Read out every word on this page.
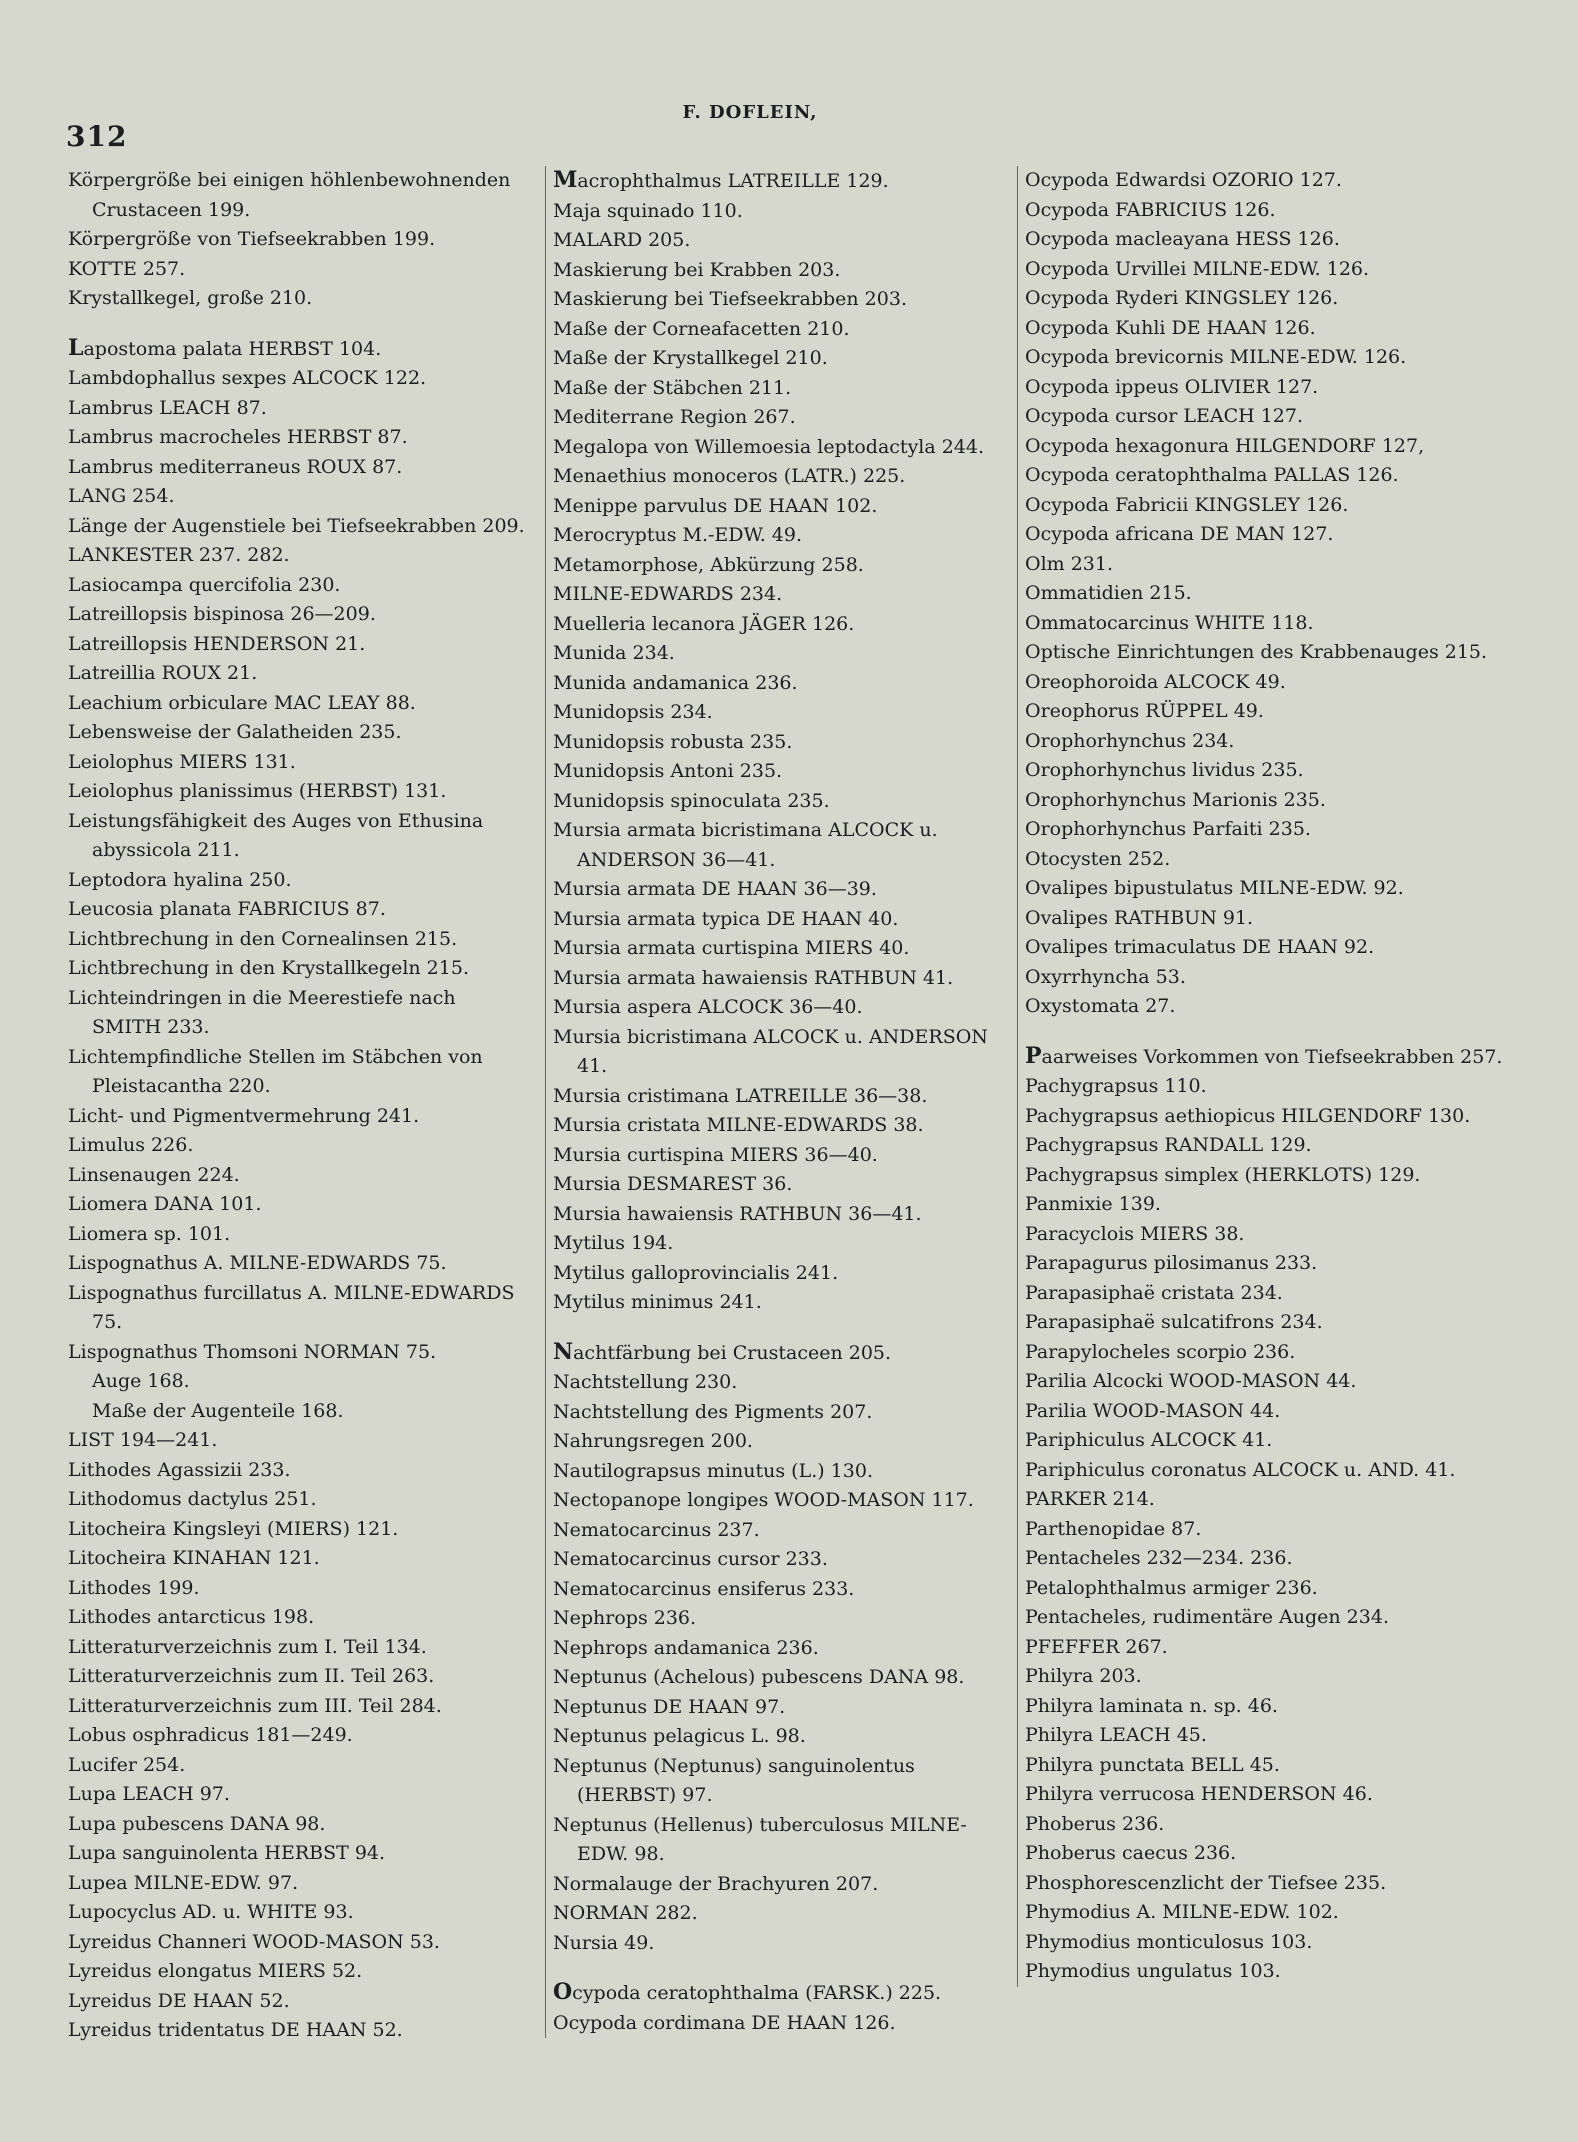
312
F. DOFLEIN,
Körpergröße bei einigen höhlenbewohnenden Crustaceen 199.
Körpergröße von Tiefseekrabben 199.
KOTTE 257.
Krystallkegel, große 210.
Lapostoma palata HERBST 104.
Lambdophallus sexpes ALCOCK 122.
Lambrus LEACH 87.
Lambrus macrocheles HERBST 87.
Lambrus mediterraneus ROUX 87.
LANG 254.
Länge der Augenstiele bei Tiefseekrabben 209.
LANKESTER 237. 282.
Lasiocampa quercifolia 230.
Latreillopsis bispinosa 26—209.
Latreillopsis HENDERSON 21.
Latreillia ROUX 21.
Leachium orbiculare MAC LEAY 88.
Lebensweise der Galatheiden 235.
Leiolophus MIERS 131.
Leiolophus planissimus (HERBST) 131.
Leistungsfähigkeit des Auges von Ethusina abyssicola 211.
Leptodora hyalina 250.
Leucosia planata FABRICIUS 87.
Lichtbrechung in den Cornealinsen 215.
Lichtbrechung in den Krystallkegeln 215.
Lichteindringen in die Meerestiefe nach SMITH 233.
Lichtempfindliche Stellen im Stäbchen von Pleistacantha 220.
Licht- und Pigmentvermehrung 241.
Limulus 226.
Linsenaugen 224.
Liomera DANA 101.
Liomera sp. 101.
Lispognathus A. MILNE-EDWARDS 75.
Lispognathus furcillatus A. MILNE-EDWARDS 75.
Lispognathus Thomsoni NORMAN 75.
Auge 168.
Maße der Augenteile 168.
LIST 194—241.
Lithodes Agassizii 233.
Lithodomus dactylus 251.
Litocheira Kingsleyi (MIERS) 121.
Litocheira KINAHAN 121.
Lithodes 199.
Lithodes antarcticus 198.
Litteraturverzeichnis zum I. Teil 134.
Litteraturverzeichnis zum II. Teil 263.
Litteraturverzeichnis zum III. Teil 284.
Lobus osphradicus 181—249.
Lucifer 254.
Lupa LEACH 97.
Lupa pubescens DANA 98.
Lupa sanguinolenta HERBST 94.
Lupea MILNE-EDW. 97.
Lupocyclus AD. u. WHITE 93.
Lyreidus Channeri WOOD-MASON 53.
Lyreidus elongatus MIERS 52.
Lyreidus DE HAAN 52.
Lyreidus tridentatus DE HAAN 52.
Macrophthalmus LATREILLE 129.
Maja squinado 110.
MALARD 205.
Maskierung bei Krabben 203.
Maskierung bei Tiefseekrabben 203.
Maße der Corneafacetten 210.
Maße der Krystallkegel 210.
Maße der Stäbchen 211.
Mediterrane Region 267.
Megalopa von Willemoesia leptodactyla 244.
Menaethius monoceros (LATR.) 225.
Menippe parvulus DE HAAN 102.
Merocryptus M.-EDW. 49.
Metamorphose, Abkürzung 258.
MILNE-EDWARDS 234.
Muelleria lecanora JÄGER 126.
Munida 234.
Munida andamanica 236.
Munidopsis 234.
Munidopsis robusta 235.
Munidopsis Antoni 235.
Munidopsis spinoculata 235.
Mursia armata bicristimana ALCOCK u. ANDERSON 36—41.
Mursia armata DE HAAN 36—39.
Mursia armata typica DE HAAN 40.
Mursia armata curtispina MIERS 40.
Mursia armata hawaiensis RATHBUN 41.
Mursia aspera ALCOCK 36—40.
Mursia bicristimana ALCOCK u. ANDERSON 41.
Mursia cristimana LATREILLE 36—38.
Mursia cristata MILNE-EDWARDS 38.
Mursia curtispina MIERS 36—40.
Mursia DESMAREST 36.
Mursia hawaiensis RATHBUN 36—41.
Mytilus 194.
Mytilus galloprovincialis 241.
Mytilus minimus 241.
Nachtfärbung bei Crustaceen 205.
Nachtstellung 230.
Nachtstellung des Pigments 207.
Nahrungsregen 200.
Nautilograpsus minutus (L.) 130.
Nectopanope longipes WOOD-MASON 117.
Nematocarcinus 237.
Nematocarcinus cursor 233.
Nematocarcinus ensiferus 233.
Nephrops 236.
Nephrops andamanica 236.
Neptunus (Achelous) pubescens DANA 98.
Neptunus DE HAAN 97.
Neptunus pelagicus L. 98.
Neptunus (Neptunus) sanguinolentus (HERBST) 97.
Neptunus (Hellenus) tuberculosus MILNE-EDW. 98.
Normalauge der Brachyuren 207.
NORMAN 282.
Nursia 49.
Ocypoda ceratophthalma (FARSK.) 225.
Ocypoda cordimana DE HAAN 126.
Ocypoda Edwardsi OZORIO 127.
Ocypoda FABRICIUS 126.
Ocypoda macleayana HESS 126.
Ocypoda Urvillei MILNE-EDW. 126.
Ocypoda Ryderi KINGSLEY 126.
Ocypoda Kuhli DE HAAN 126.
Ocypoda brevicornis MILNE-EDW. 126.
Ocypoda ippeus OLIVIER 127.
Ocypoda cursor LEACH 127.
Ocypoda hexagonura HILGENDORF 127,
Ocypoda ceratophthalma PALLAS 126.
Ocypoda Fabricii KINGSLEY 126.
Ocypoda africana DE MAN 127.
Olm 231.
Ommatidien 215.
Ommatocarcinus WHITE 118.
Optische Einrichtungen des Krabbenauges 215.
Oreophoroida ALCOCK 49.
Oreophorus RÜPPEL 49.
Orophorhynchus 234.
Orophorhynchus lividus 235.
Orophorhynchus Marionis 235.
Orophorhynchus Parfaiti 235.
Otocysten 252.
Ovalipes bipustulatus MILNE-EDW. 92.
Ovalipes RATHBUN 91.
Ovalipes trimaculatus DE HAAN 92.
Oxyrrhyncha 53.
Oxystomata 27.
Paarweises Vorkommen von Tiefseekrabben 257.
Pachygrapsus 110.
Pachygrapsus aethiopicus HILGENDORF 130.
Pachygrapsus RANDALL 129.
Pachygrapsus simplex (HERKLOTS) 129.
Panmixie 139.
Paracyclois MIERS 38.
Parapagurus pilosimanus 233.
Parapasiphaë cristata 234.
Parapasiphaë sulcatifrons 234.
Parapylocheles scorpio 236.
Parilia Alcocki WOOD-MASON 44.
Parilia WOOD-MASON 44.
Pariphiculus ALCOCK 41.
Pariphiculus coronatus ALCOCK u. AND. 41.
PARKER 214.
Parthenopidae 87.
Pentacheles 232—234. 236.
Petalophthalmus armiger 236.
Pentacheles, rudimentäre Augen 234.
PFEFFER 267.
Philyra 203.
Philyra laminata n. sp. 46.
Philyra LEACH 45.
Philyra punctata BELL 45.
Philyra verrucosa HENDERSON 46.
Phoberus 236.
Phoberus caecus 236.
Phosphorescenzlicht der Tiefsee 235.
Phymodius A. MILNE-EDW. 102.
Phymodius monticulosus 103.
Phymodius ungulatus 103.
